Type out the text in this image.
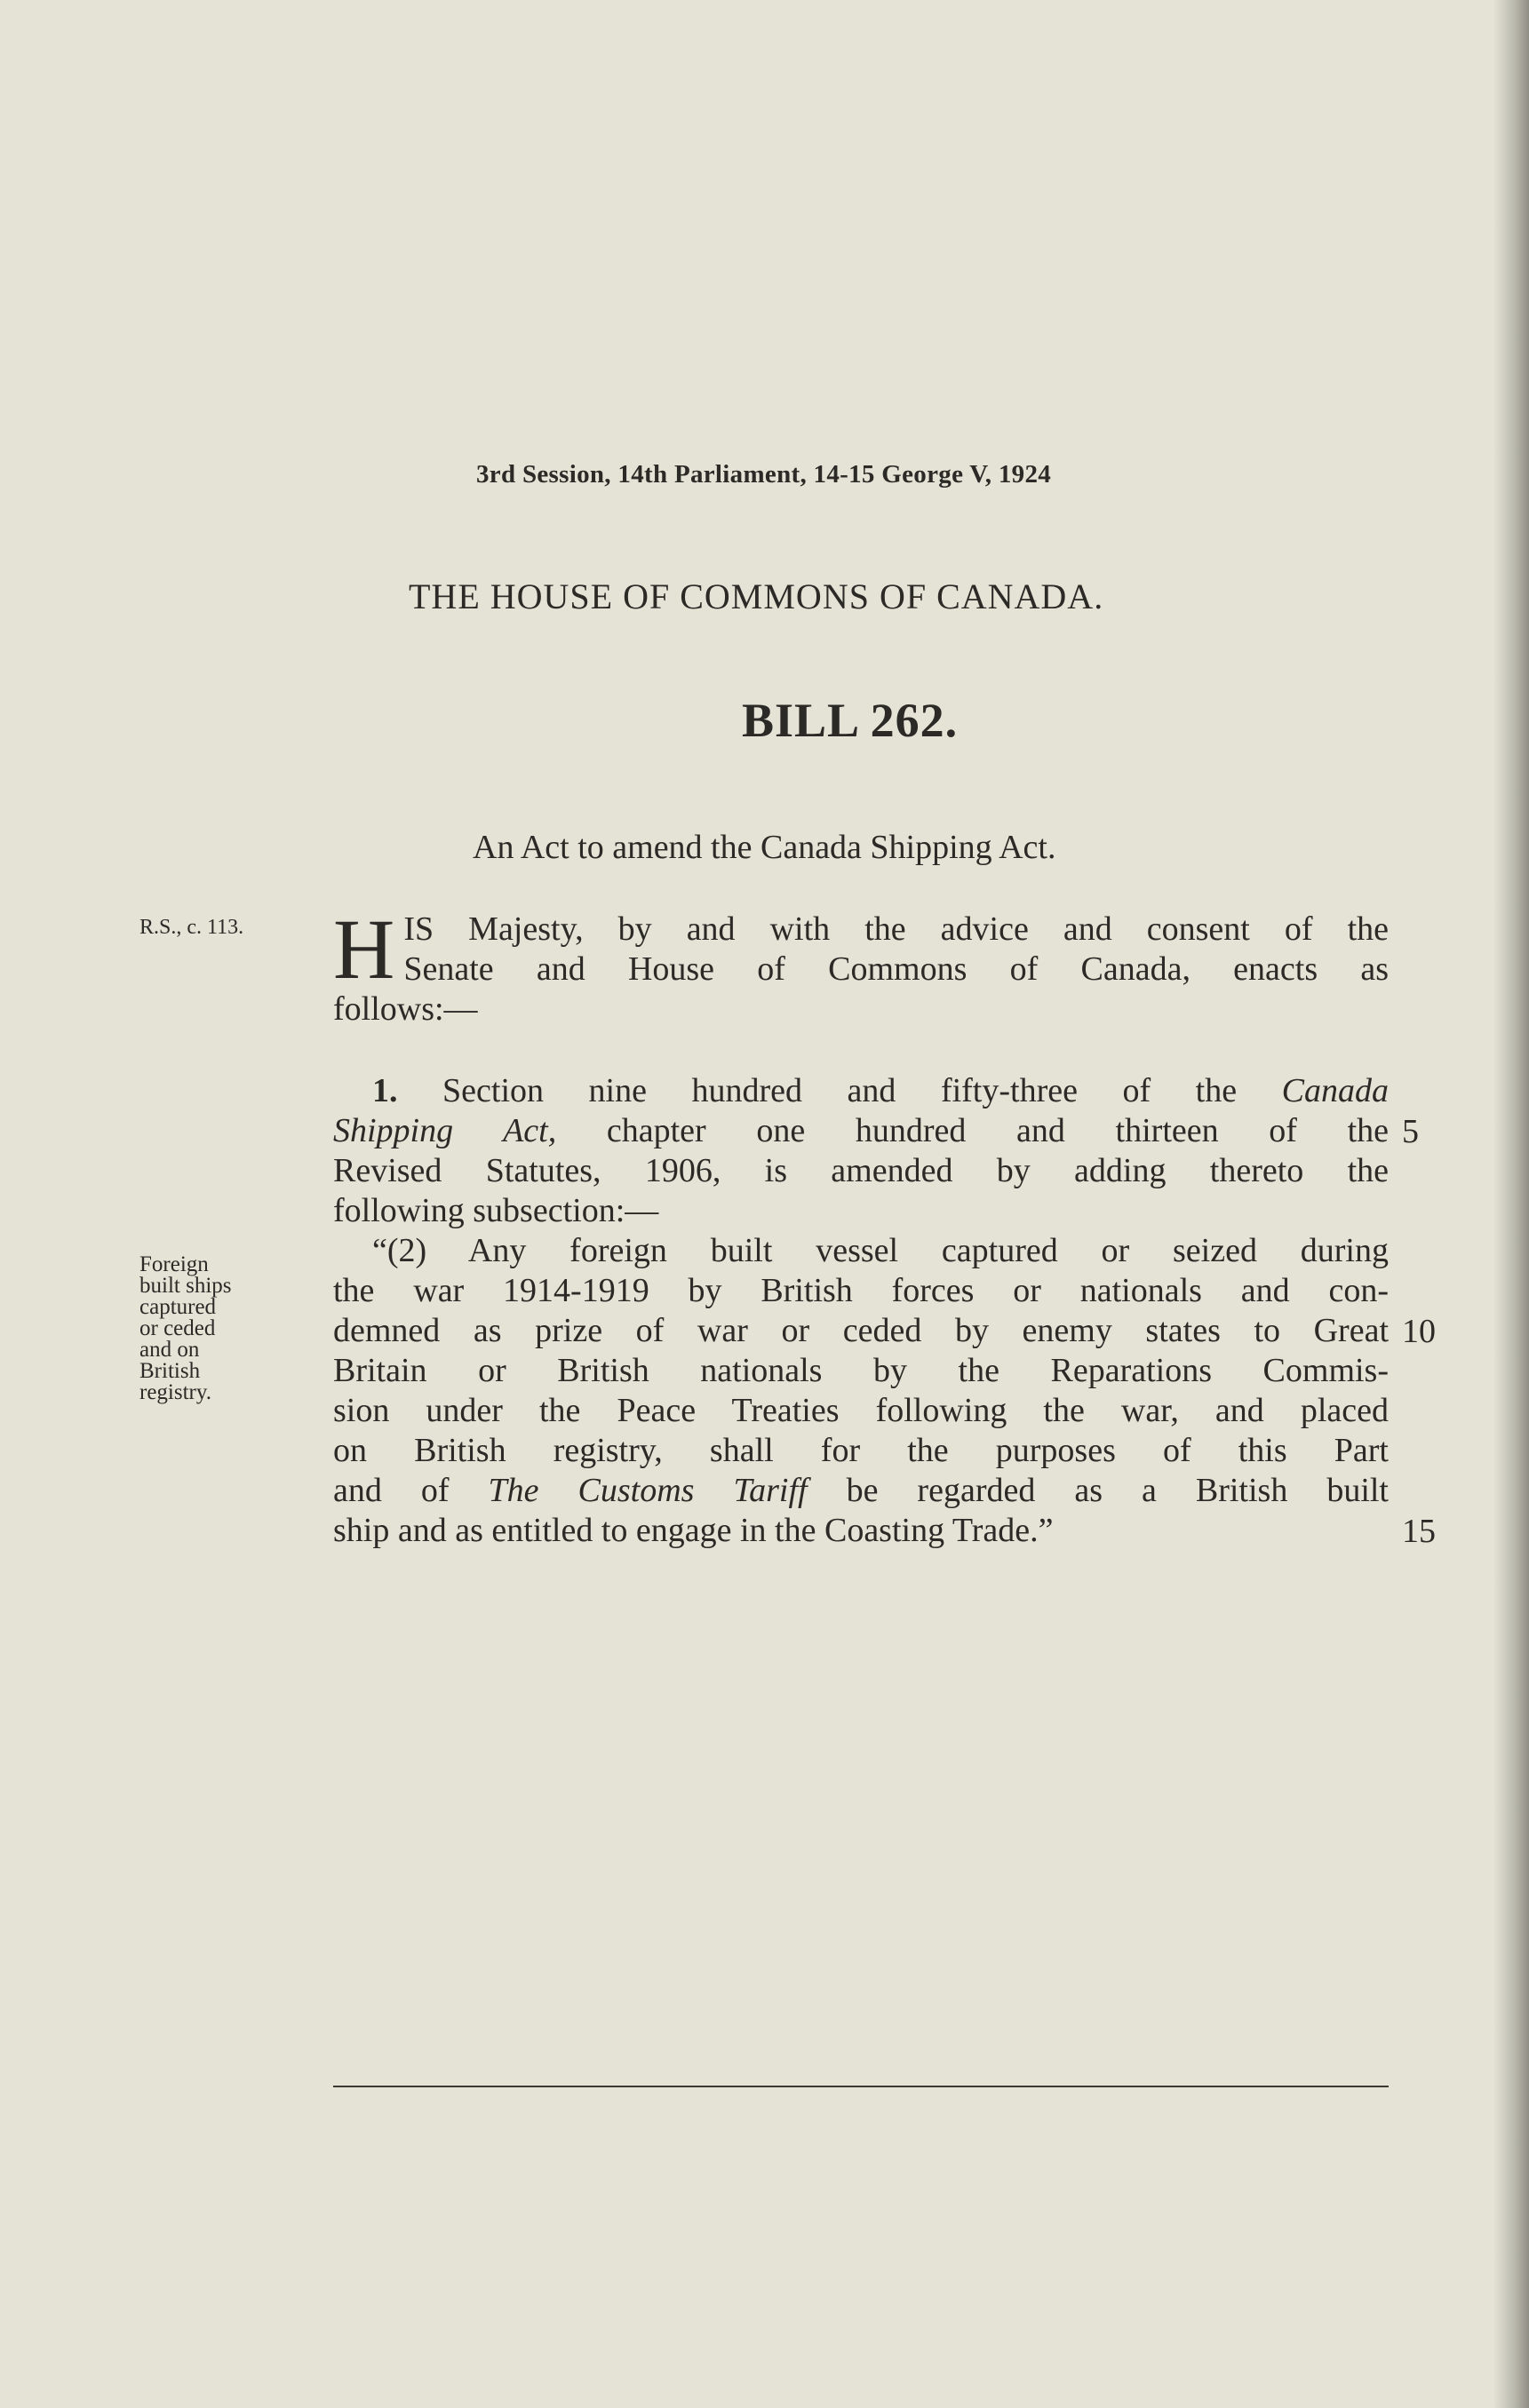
3rd Session, 14th Parliament, 14-15 George V, 1924
THE HOUSE OF COMMONS OF CANADA.
BILL 262.
An Act to amend the Canada Shipping Act.
R.S., c. 113.
Foreign
built ships
captured
or ceded
and on
British
registry.
H IS Majesty, by and with the advice and consent of the
Senate and House of Commons of Canada, enacts as
follows:—
1. Section nine hundred and fifty-three of the Canada
Shipping Act, chapter one hundred and thirteen of the
Revised Statutes, 1906, is amended by adding thereto the
following subsection:—
“(2) Any foreign built vessel captured or seized during
the war 1914-1919 by British forces or nationals and con-
demned as prize of war or ceded by enemy states to Great
Britain or British nationals by the Reparations Commis-
sion under the Peace Treaties following the war, and placed
on British registry, shall for the purposes of this Part
and of The Customs Tariff be regarded as a British built
ship and as entitled to engage in the Coasting Trade.”
5
10
15
